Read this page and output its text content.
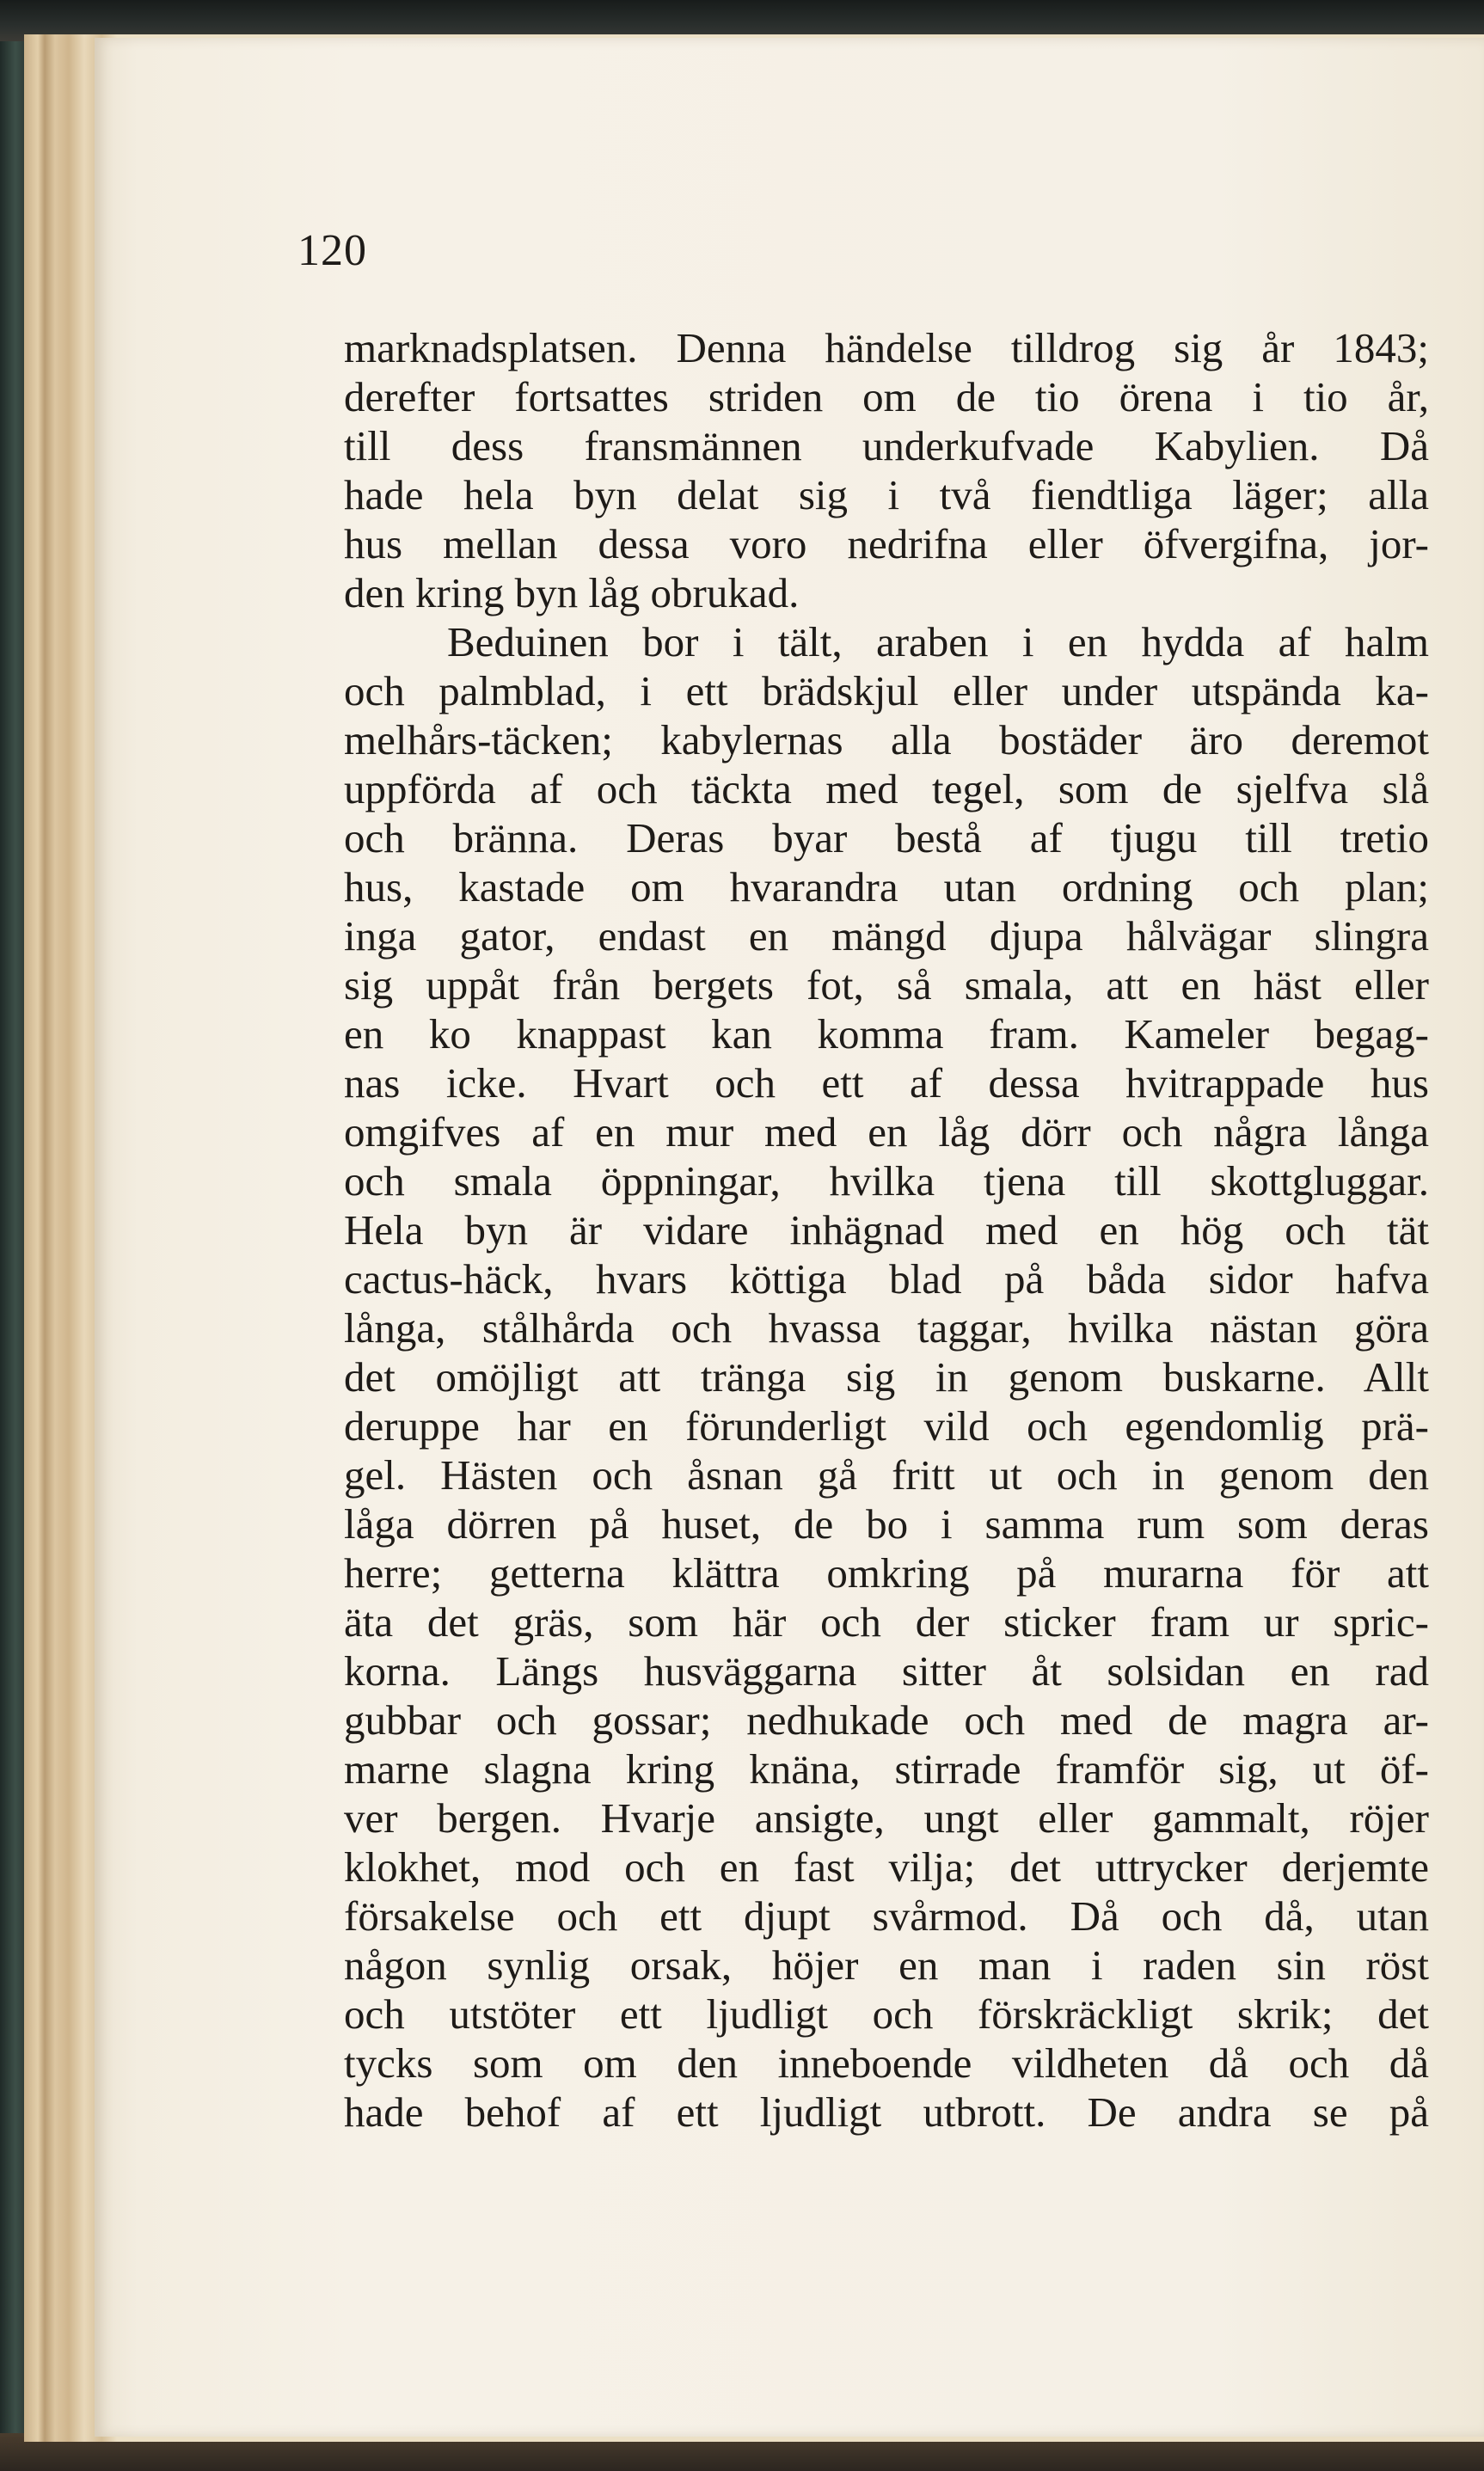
120
marknadsplatsen. Denna händelse tilldrog sig år 1843;
derefter fortsattes striden om de tio örena i tio år,
till dess fransmännen underkufvade Kabylien. Då
hade hela byn delat sig i två fiendtliga läger; alla
hus mellan dessa voro nedrifna eller öfvergifna, jor-
den kring byn låg obrukad.
Beduinen bor i tält, araben i en hydda af halm
och palmblad, i ett brädskjul eller under utspända ka-
melhårs-täcken; kabylernas alla bostäder äro deremot
uppförda af och täckta med tegel, som de sjelfva slå
och bränna. Deras byar bestå af tjugu till tretio
hus, kastade om hvarandra utan ordning och plan;
inga gator, endast en mängd djupa hålvägar slingra
sig uppåt från bergets fot, så smala, att en häst eller
en ko knappast kan komma fram. Kameler begag-
nas icke. Hvart och ett af dessa hvitrappade hus
omgifves af en mur med en låg dörr och några långa
och smala öppningar, hvilka tjena till skottgluggar.
Hela byn är vidare inhägnad med en hög och tät
cactus-häck, hvars köttiga blad på båda sidor hafva
långa, stålhårda och hvassa taggar, hvilka nästan göra
det omöjligt att tränga sig in genom buskarne. Allt
deruppe har en förunderligt vild och egendomlig prä-
gel. Hästen och åsnan gå fritt ut och in genom den
låga dörren på huset, de bo i samma rum som deras
herre; getterna klättra omkring på murarna för att
äta det gräs, som här och der sticker fram ur spric-
korna. Längs husväggarna sitter åt solsidan en rad
gubbar och gossar; nedhukade och med de magra ar-
marne slagna kring knäna, stirrade framför sig, ut öf-
ver bergen. Hvarje ansigte, ungt eller gammalt, röjer
klokhet, mod och en fast vilja; det uttrycker derjemte
försakelse och ett djupt svårmod. Då och då, utan
någon synlig orsak, höjer en man i raden sin röst
och utstöter ett ljudligt och förskräckligt skrik; det
tycks som om den inneboende vildheten då och då
hade behof af ett ljudligt utbrott. De andra se på
